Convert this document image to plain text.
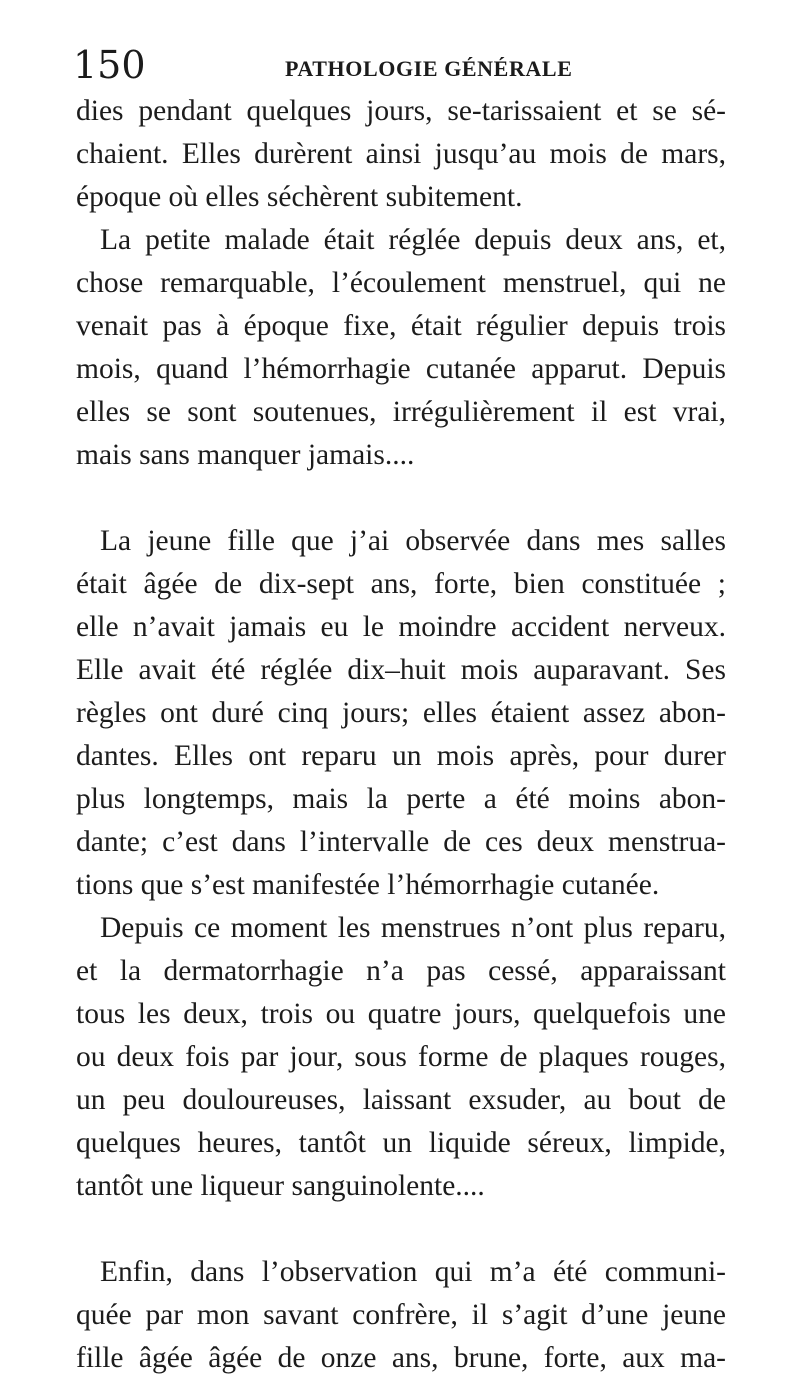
150	PATHOLOGIE GÉNÉRALE
dies pendant quelques jours, se-tarissaient et se sé-
chaient. Elles durèrent ainsi jusqu’au mois de mars,
époque où elles séchèrent subitement.
La petite malade était réglée depuis deux ans, et,
chose remarquable, l’écoulement menstruel, qui ne
venait pas à époque fixe, était régulier depuis trois
mois, quand l’hémorrhagie cutanée apparut. Depuis
elles se sont soutenues, irrégulièrement il est vrai,
mais sans manquer jamais....
La jeune fille que j’ai observée dans mes salles
était âgée de dix-sept ans, forte, bien constituée ;
elle n’avait jamais eu le moindre accident nerveux.
Elle avait été réglée dix–huit mois auparavant. Ses
règles ont duré cinq jours; elles étaient assez abon-
dantes. Elles ont reparu un mois après, pour durer
plus longtemps, mais la perte a été moins abon-
dante; c’est dans l’intervalle de ces deux menstrua-
tions que s’est manifestée l’hémorrhagie cutanée.
Depuis ce moment les menstrues n’ont plus reparu,
et la dermatorrhagie n’a pas cessé, apparaissant
tous les deux, trois ou quatre jours, quelquefois une
ou deux fois par jour, sous forme de plaques rouges,
un peu douloureuses, laissant exsuder, au bout de
quelques heures, tantôt un liquide séreux, limpide,
tantôt une liqueur sanguinolente....
Enfin, dans l’observation qui m’a été communi-
quée par mon savant confrère, il s’agit d’une jeune
fille âgée âgée de onze ans, brune, forte, aux ma-
